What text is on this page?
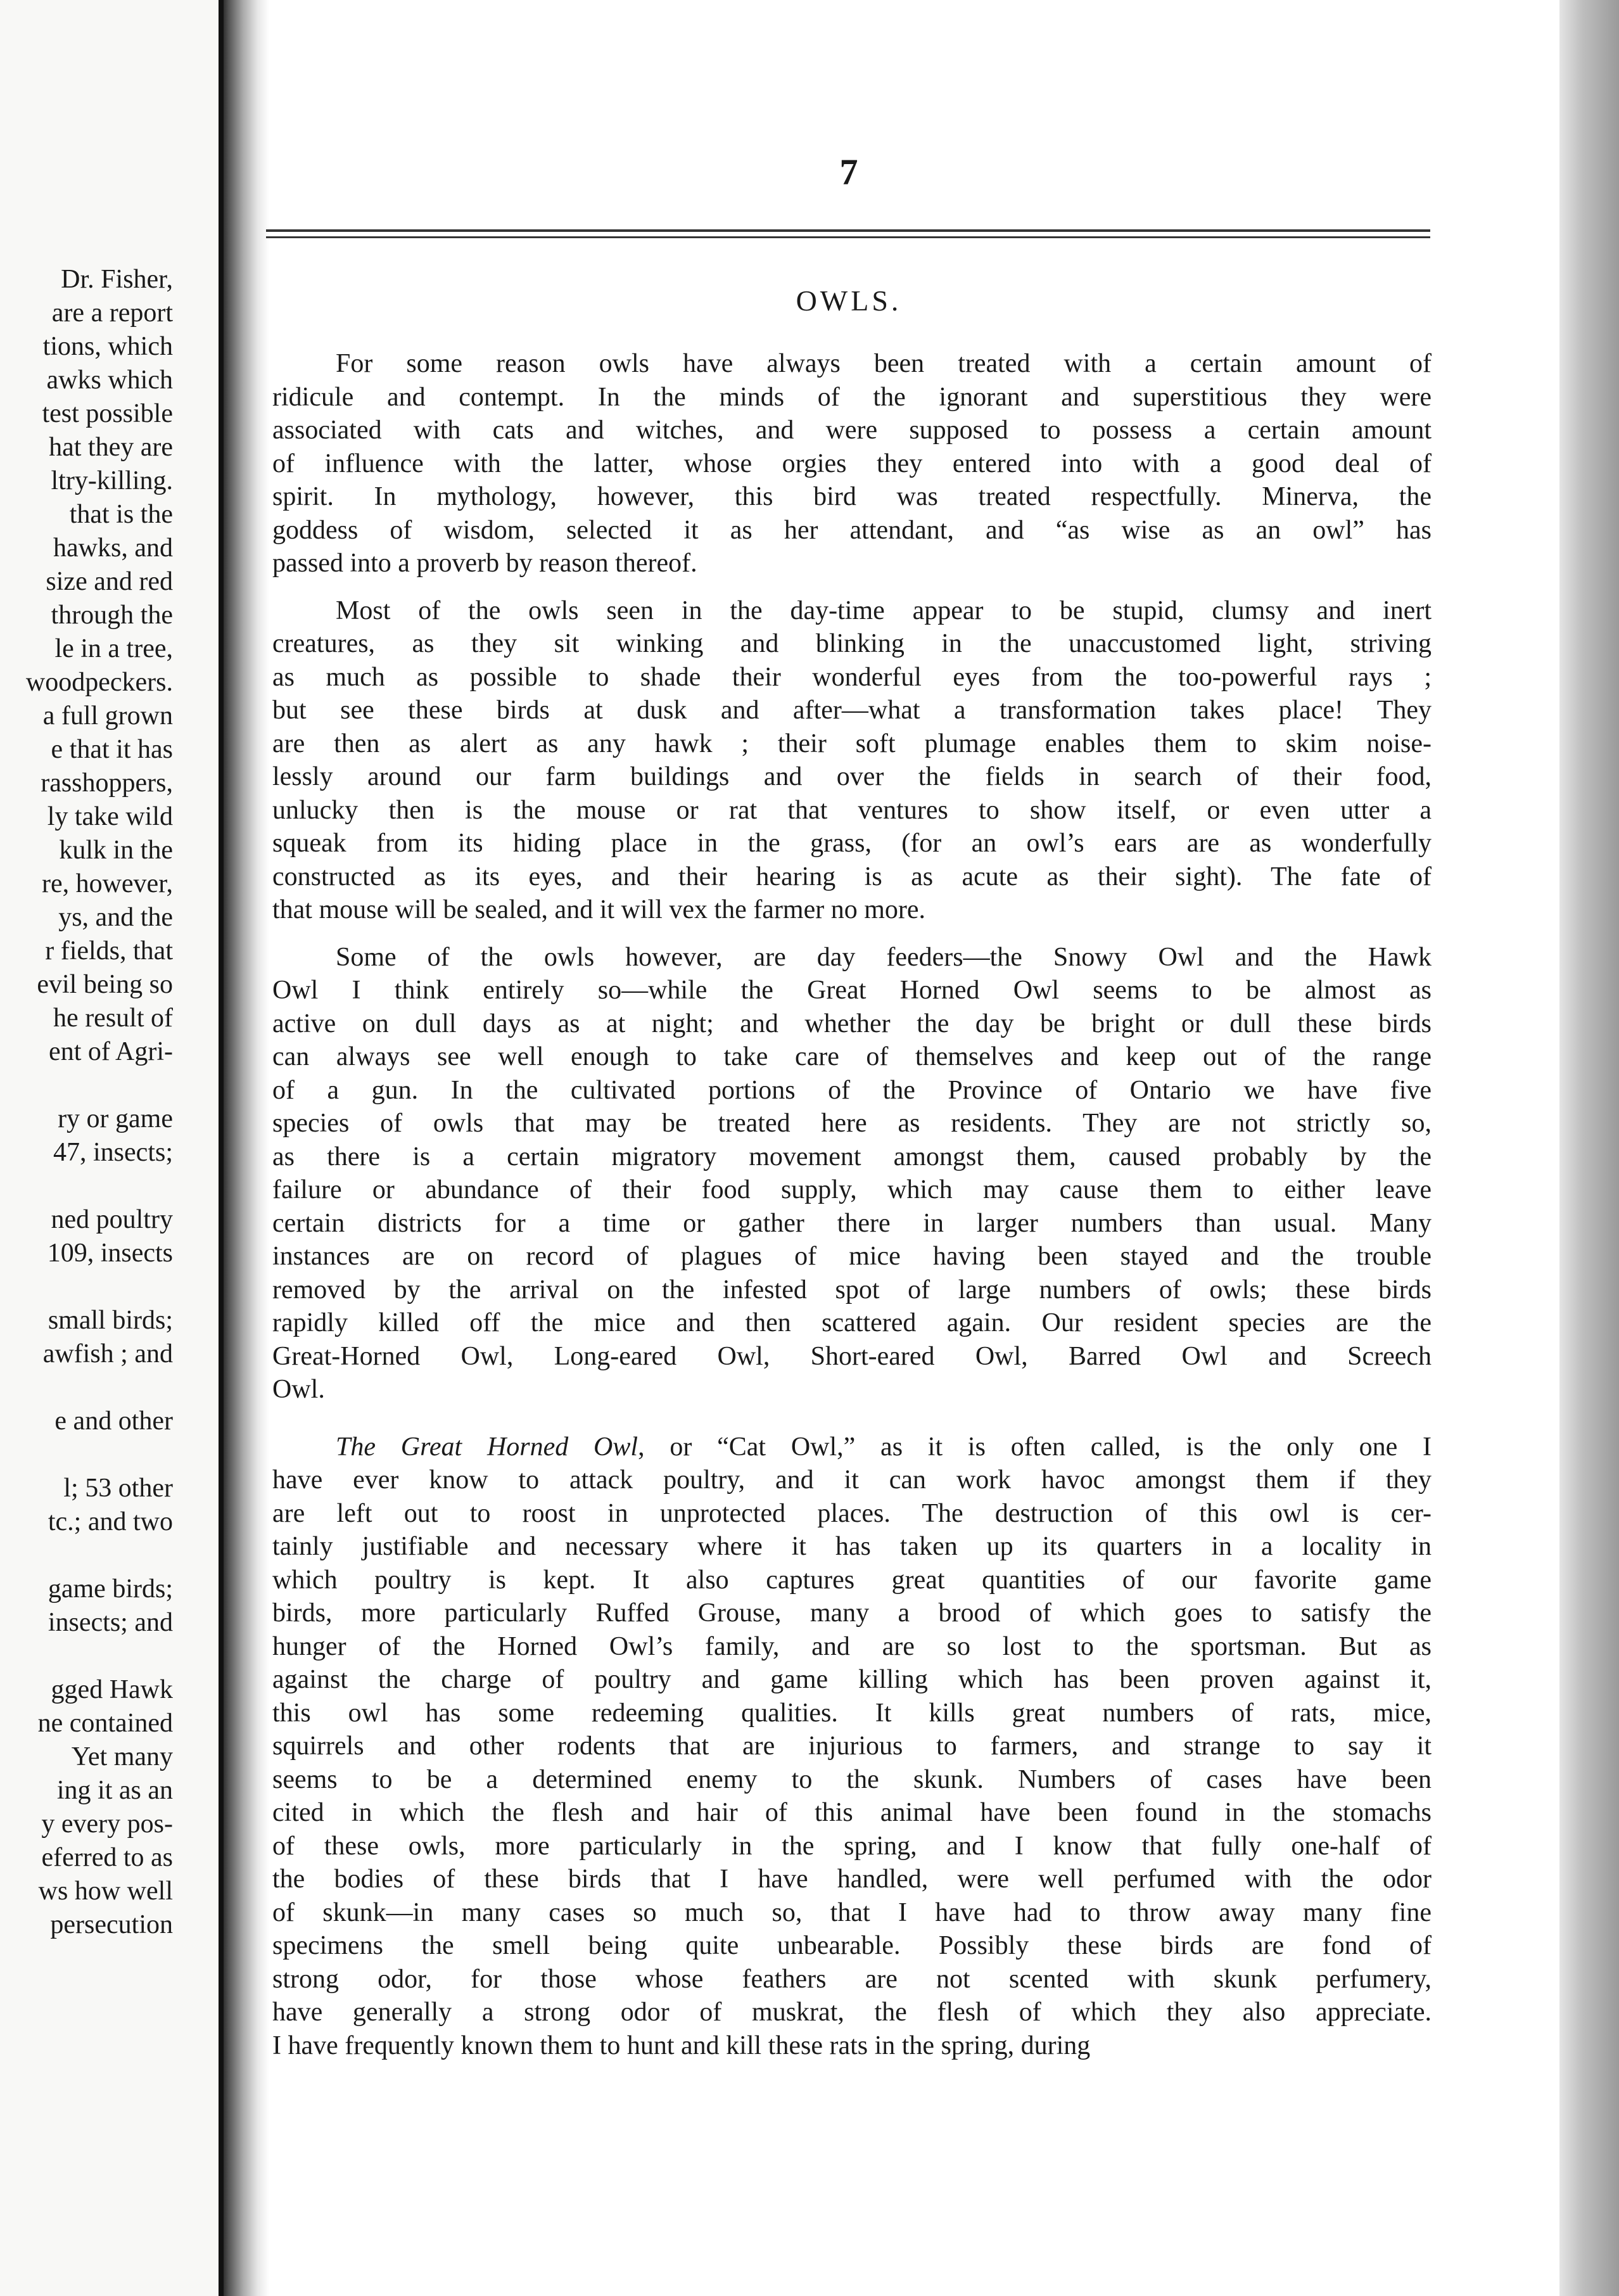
Dr. Fisher,
are a report
tions, which
awks which
test possible
hat they are
ltry-killing.
that is the
hawks, and
size and red
through the
le in a tree,
woodpeckers.
a full grown
e that it has
rasshoppers,
ly take wild
kulk in the
re, however,
ys, and the
r fields, that
evil being so
he result of
ent of Agri-
ry or game
47, insects;
ned poultry
109, insects
small birds;
awfish ; and
e and other
l; 53 other
tc.; and two
game birds;
insects; and
gged Hawk
ne contained
Yet many
ing it as an
y every pos-
eferred to as
ws how well
persecution
7
OWLS.

For some reason owls have always been treated with a certain amount of
ridicule and contempt. In the minds of the ignorant and superstitious they were
associated with cats and witches, and were supposed to possess a certain amount
of influence with the latter, whose orgies they entered into with a good deal of
spirit. In mythology, however, this bird was treated respectfully. Minerva, the
goddess of wisdom, selected it as her attendant, and “as wise as an owl” has
passed into a proverb by reason thereof.

Most of the owls seen in the day-time appear to be stupid, clumsy and inert
creatures, as they sit winking and blinking in the unaccustomed light, striving
as much as possible to shade their wonderful eyes from the too-powerful rays ;
but see these birds at dusk and after—what a transformation takes place! They
are then as alert as any hawk ; their soft plumage enables them to skim noise-
lessly around our farm buildings and over the fields in search of their food,
unlucky then is the mouse or rat that ventures to show itself, or even utter a
squeak from its hiding place in the grass, (for an owl’s ears are as wonderfully
constructed as its eyes, and their hearing is as acute as their sight). The fate of
that mouse will be sealed, and it will vex the farmer no more.

Some of the owls however, are day feeders—the Snowy Owl and the Hawk
Owl I think entirely so—while the Great Horned Owl seems to be almost as
active on dull days as at night; and whether the day be bright or dull these birds
can always see well enough to take care of themselves and keep out of the range
of a gun. In the cultivated portions of the Province of Ontario we have five
species of owls that may be treated here as residents. They are not strictly so,
as there is a certain migratory movement amongst them, caused probably by the
failure or abundance of their food supply, which may cause them to either leave
certain districts for a time or gather there in larger numbers than usual. Many
instances are on record of plagues of mice having been stayed and the trouble
removed by the arrival on the infested spot of large numbers of owls; these birds
rapidly killed off the mice and then scattered again. Our resident species are the
Great-Horned Owl, Long-eared Owl, Short-eared Owl, Barred Owl and Screech
Owl.

The Great Horned Owl, or “Cat Owl,” as it is often called, is the only one I
have ever know to attack poultry, and it can work havoc amongst them if they
are left out to roost in unprotected places. The destruction of this owl is cer-
tainly justifiable and necessary where it has taken up its quarters in a locality in
which poultry is kept. It also captures great quantities of our favorite game
birds, more particularly Ruffed Grouse, many a brood of which goes to satisfy the
hunger of the Horned Owl’s family, and are so lost to the sportsman. But as
against the charge of poultry and game killing which has been proven against it,
this owl has some redeeming qualities. It kills great numbers of rats, mice,
squirrels and other rodents that are injurious to farmers, and strange to say it
seems to be a determined enemy to the skunk. Numbers of cases have been
cited in which the flesh and hair of this animal have been found in the stomachs
of these owls, more particularly in the spring, and I know that fully one-half of
the bodies of these birds that I have handled, were well perfumed with the odor
of skunk—in many cases so much so, that I have had to throw away many fine
specimens the smell being quite unbearable. Possibly these birds are fond of
strong odor, for those whose feathers are not scented with skunk perfumery,
have generally a strong odor of muskrat, the flesh of which they also appreciate.
I have frequently known them to hunt and kill these rats in the spring, during
